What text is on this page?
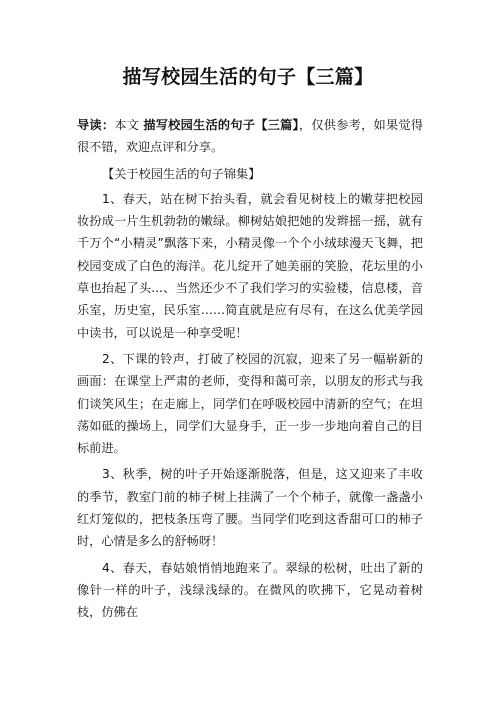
描写校园生活的句子【三篇】

导读：本文 描写校园生活的句子【三篇】，仅供参考，如果觉得很不错，欢迎点评和分享。

【关于校园生活的句子锦集】

1、春天，站在树下抬头看，就会看见树枝上的嫩芽把校园妆扮成一片生机勃勃的嫩绿。柳树姑娘把她的发辫摇一摇，就有千万个“小精灵”飘落下来，小精灵像一个个小绒球漫天飞舞，把校园变成了白色的海洋。花儿绽开了她美丽的笑脸，花坛里的小草也抬起了头...、当然还少不了我们学习的实验楼，信息楼，音乐室，历史室，民乐室……简直就是应有尽有，在这么优美学园中读书，可以说是一种享受呢！

2、下课的铃声，打破了校园的沉寂，迎来了另一幅崭新的画面：在课堂上严肃的老师，变得和蔼可亲，以朋友的形式与我们谈笑风生；在走廊上，同学们在呼吸校园中清新的空气；在坦荡如砥的操场上，同学们大显身手，正一步一步地向着自己的目标前进。

3、秋季，树的叶子开始逐渐脱落，但是，这又迎来了丰收的季节，教室门前的柿子树上挂满了一个个柿子，就像一盏盏小红灯笼似的，把枝条压弯了腰。当同学们吃到这香甜可口的柿子时，心情是多么的舒畅呀！

4、春天，春姑娘悄悄地跑来了。翠绿的松树，吐出了新的像针一样的叶子，浅绿浅绿的。在微风的吹拂下，它晃动着树枝，仿佛在
